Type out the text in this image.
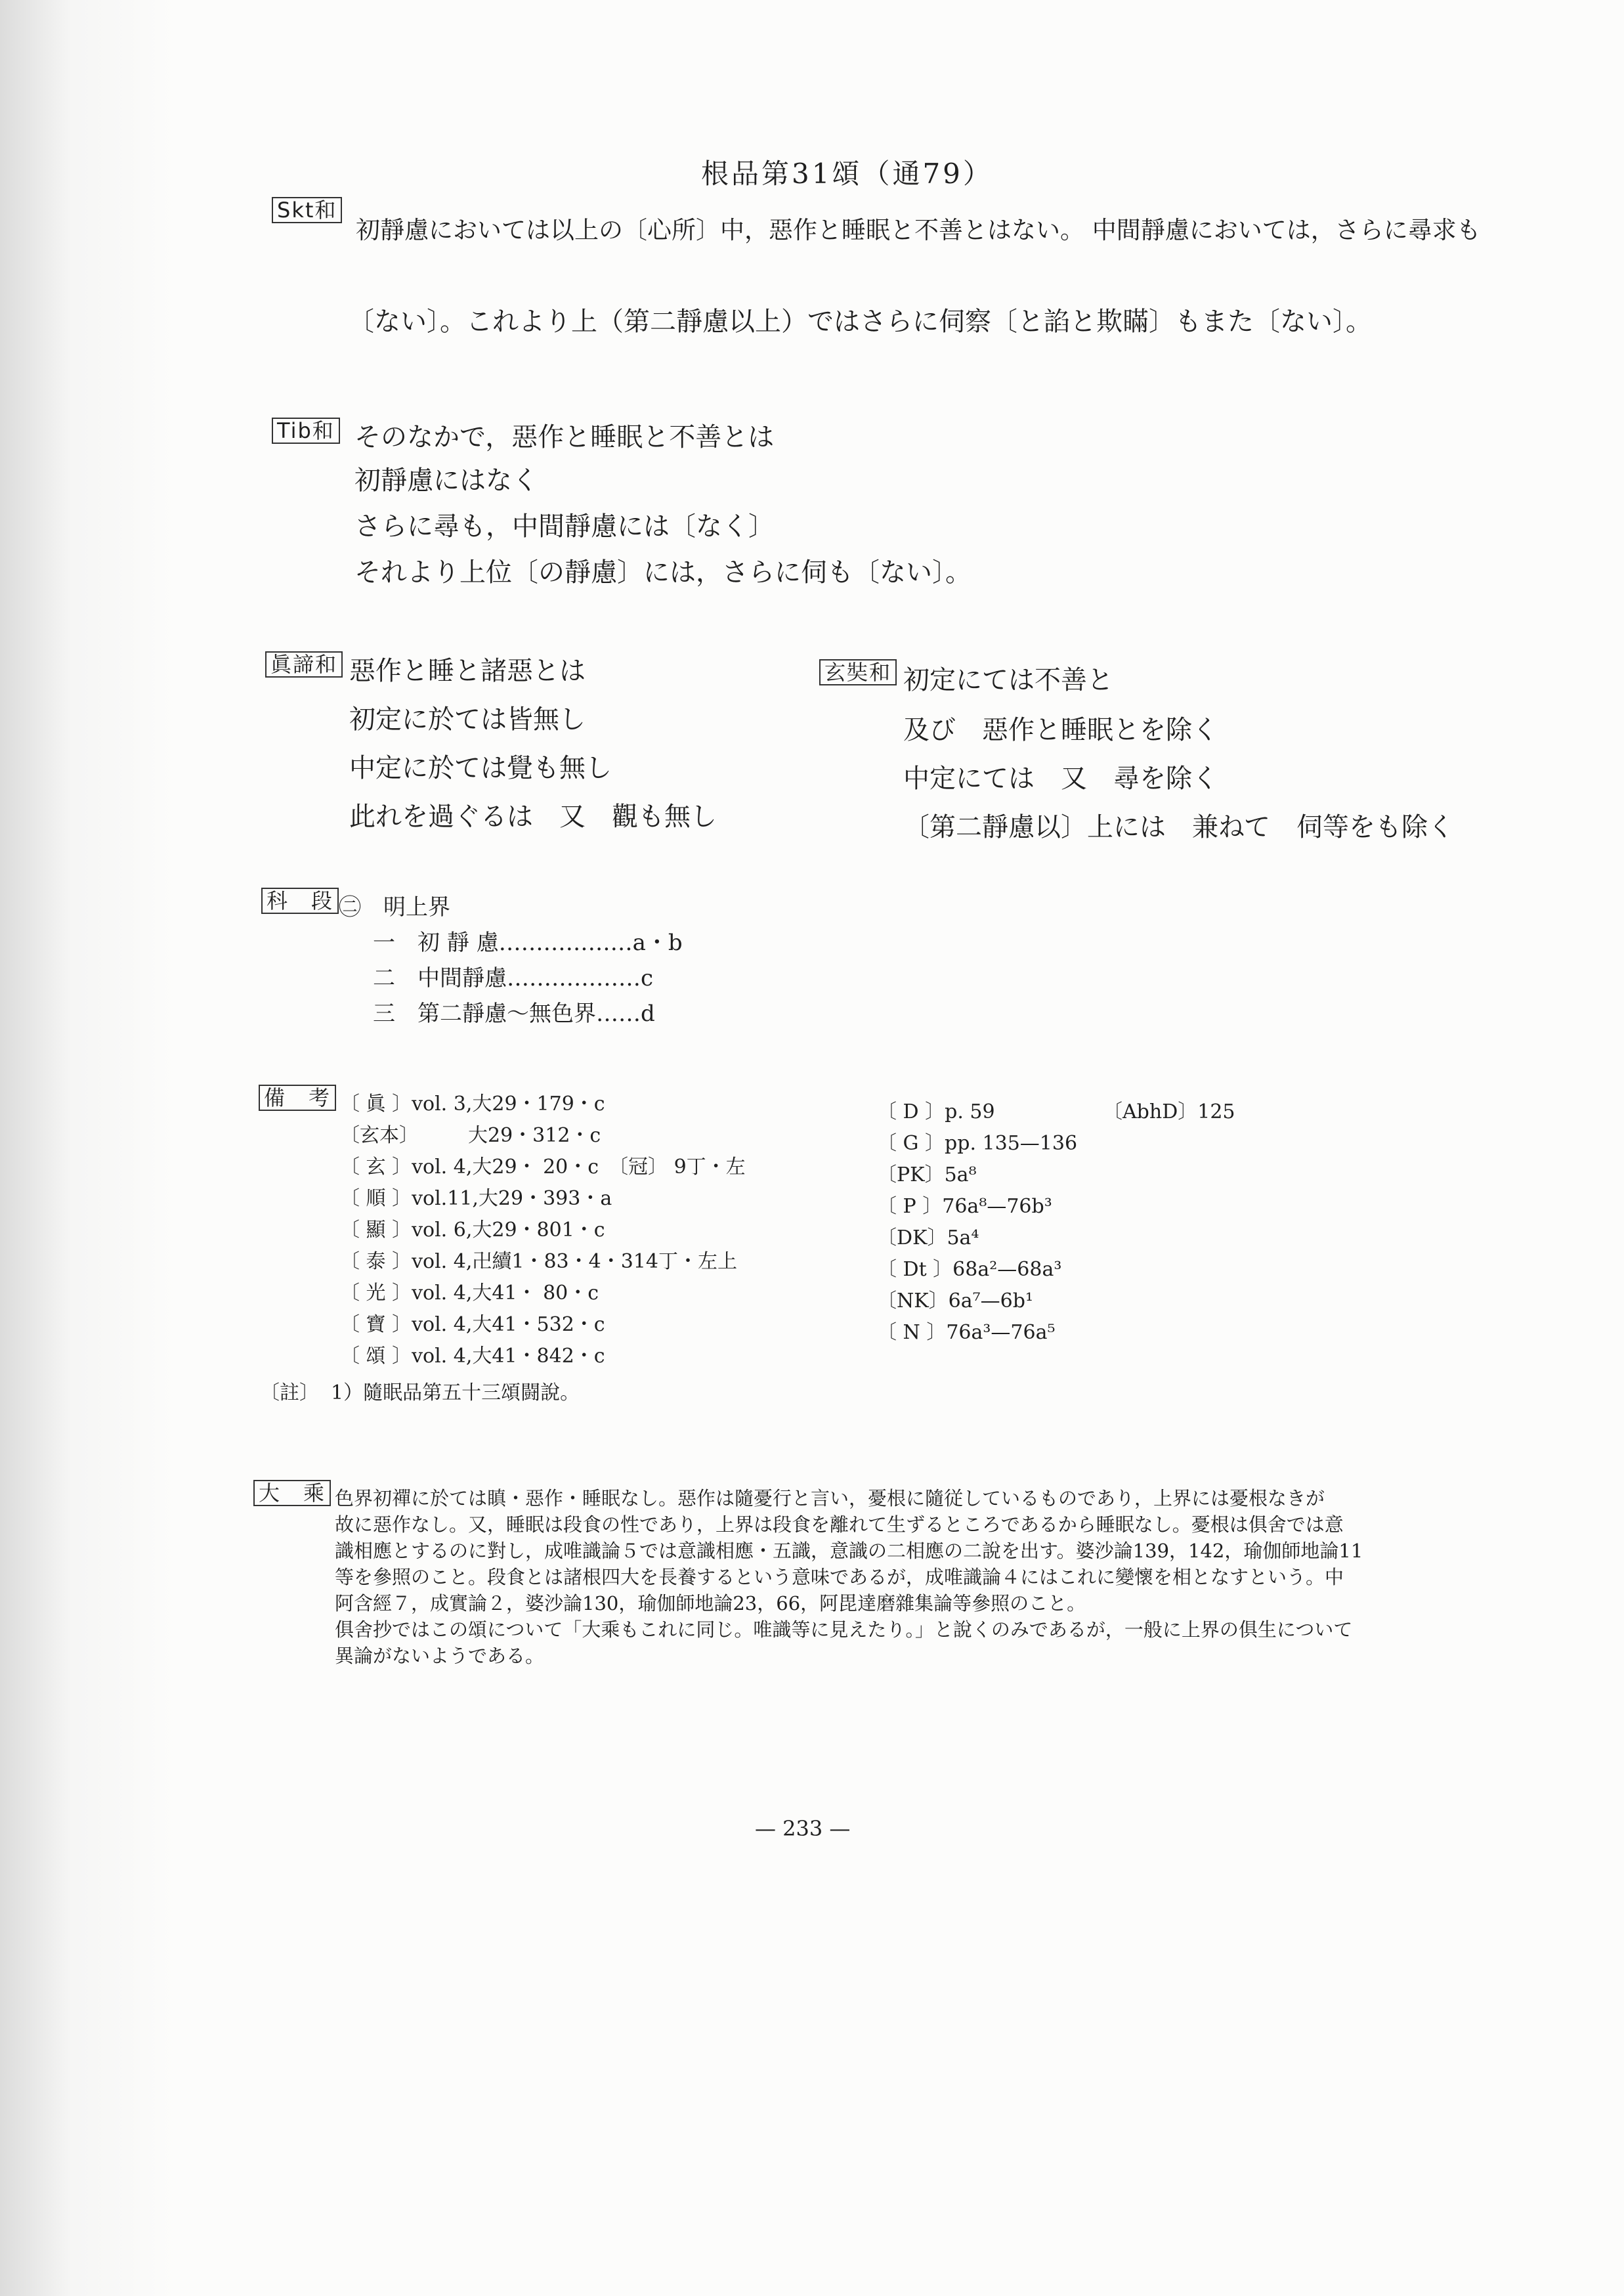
根品第31頌（通79）
Skt和
初靜慮においては以上の〔心所〕中，惡作と睡眠と不善とはない。 中間靜慮においては，さらに尋求も
〔ない〕。これより上（第二靜慮以上）ではさらに伺察〔と諂と欺瞞〕もまた〔ない〕。
Tib和 そのなかで，惡作と睡眠と不善とは
初靜慮にはなく
さらに尋も，中間靜慮には〔なく〕
それより上位〔の靜慮〕には，さらに伺も〔ない〕。
眞諦和 惡作と睡と諸惡とは
初定に於ては皆無し
中定に於ては覺も無し
此れを過ぐるは　又　觀も無し
玄奘和 初定にては不善と
及び　惡作と睡眠とを除く
中定にては　又　尋を除く
〔第二靜慮以〕上には　兼ねて　伺等をも除く
科　段 ㊁　明上界
一　初 靜 慮………………a・b
二　中間靜慮………………c
三　第二靜慮〜無色界……d
備　考 〔 眞 〕vol. 3,大29・179・c
〔玄本〕　　　大29・312・c
〔 玄 〕vol. 4,大29・ 20・c　〔冠〕 9丁・左
〔 順 〕vol.11,大29・393・a
〔 顯 〕vol. 6,大29・801・c
〔 泰 〕vol. 4,卍續1・83・4・314丁・左上
〔 光 〕vol. 4,大41・ 80・c
〔 寶 〕vol. 4,大41・532・c
〔 頌 〕vol. 4,大41・842・c
〔 D 〕p. 59	〔AbhD〕125
〔 G 〕pp. 135—136
〔PK〕5a⁸
〔 P 〕76a⁸—76b³
〔DK〕5a⁴
〔 Dt 〕68a²—68a³
〔NK〕6a⁷—6b¹
〔 N 〕76a³—76a⁵
〔註〕 1）隨眠品第五十三頌闘說。
大　乘 色界初禪に於ては瞋・惡作・睡眠なし。惡作は隨憂行と言い，憂根に隨従しているものであり，上界には憂根なきが
故に惡作なし。又，睡眠は段食の性であり，上界は段食を離れて生ずるところであるから睡眠なし。憂根は俱舍では意
識相應とするのに對し，成唯識論５では意識相應・五識，意識の二相應の二說を出す。婆沙論139，142，瑜伽師地論11
等を參照のこと。段食とは諸根四大を長養するという意味であるが，成唯識論４にはこれに變懷を相となすという。中
阿含經７，成實論２，婆沙論130，瑜伽師地論23，66，阿毘達磨雜集論等參照のこと。
俱舍抄ではこの頌について「大乘もこれに同じ。唯識等に見えたり。」と說くのみであるが，一般に上界の俱生について
異論がないようである。
— 233 —
